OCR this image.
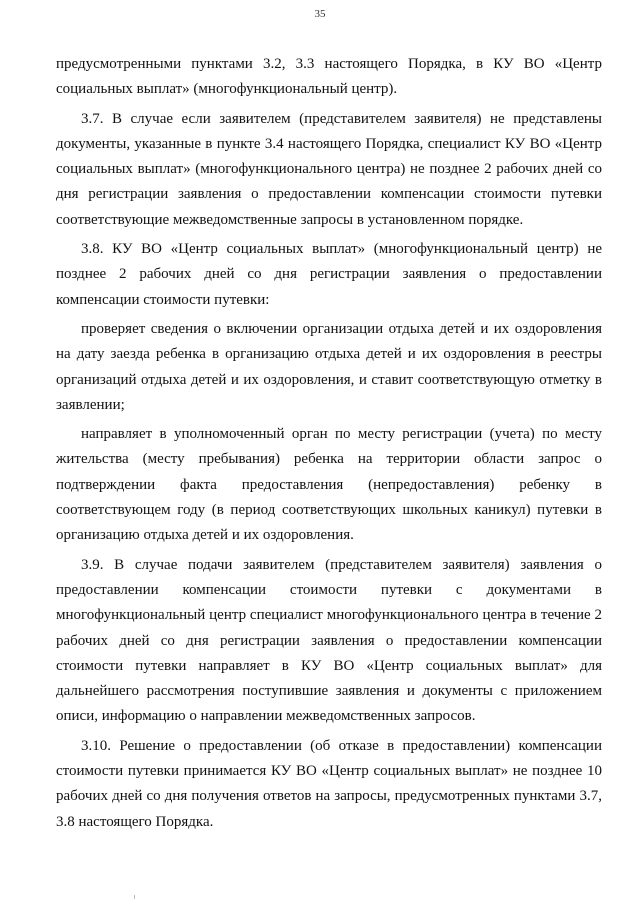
35

предусмотренными пунктами 3.2, 3.3 настоящего Порядка, в КУ ВО «Центр социальных выплат» (многофункциональный центр).

3.7. В случае если заявителем (представителем заявителя) не представлены документы, указанные в пункте 3.4 настоящего Порядка, специалист КУ ВО «Центр социальных выплат» (многофункционального центра) не позднее 2 рабочих дней со дня регистрации заявления о предоставлении компенсации стоимости путевки соответствующие межведомственные запросы в установленном порядке.

3.8. КУ ВО «Центр социальных выплат» (многофункциональный центр) не позднее 2 рабочих дней со дня регистрации заявления о предоставлении компенсации стоимости путевки:

проверяет сведения о включении организации отдыха детей и их оздоровления на дату заезда ребенка в организацию отдыха детей и их оздоровления в реестры организаций отдыха детей и их оздоровления, и ставит соответствующую отметку в заявлении;

направляет в уполномоченный орган по месту регистрации (учета) по месту жительства (месту пребывания) ребенка на территории области запрос о подтверждении факта предоставления (непредоставления) ребенку в соответствующем году (в период соответствующих школьных каникул) путевки в организацию отдыха детей и их оздоровления.

3.9. В случае подачи заявителем (представителем заявителя) заявления о предоставлении компенсации стоимости путевки с документами в многофункциональный центр специалист многофункционального центра в течение 2 рабочих дней со дня регистрации заявления о предоставлении компенсации стоимости путевки направляет в КУ ВО «Центр социальных выплат» для дальнейшего рассмотрения поступившие заявления и документы с приложением описи, информацию о направлении межведомственных запросов.

3.10. Решение о предоставлении (об отказе в предоставлении) компенсации стоимости путевки принимается КУ ВО «Центр социальных выплат» не позднее 10 рабочих дней со дня получения ответов на запросы, предусмотренных пунктами 3.7, 3.8 настоящего Порядка.
